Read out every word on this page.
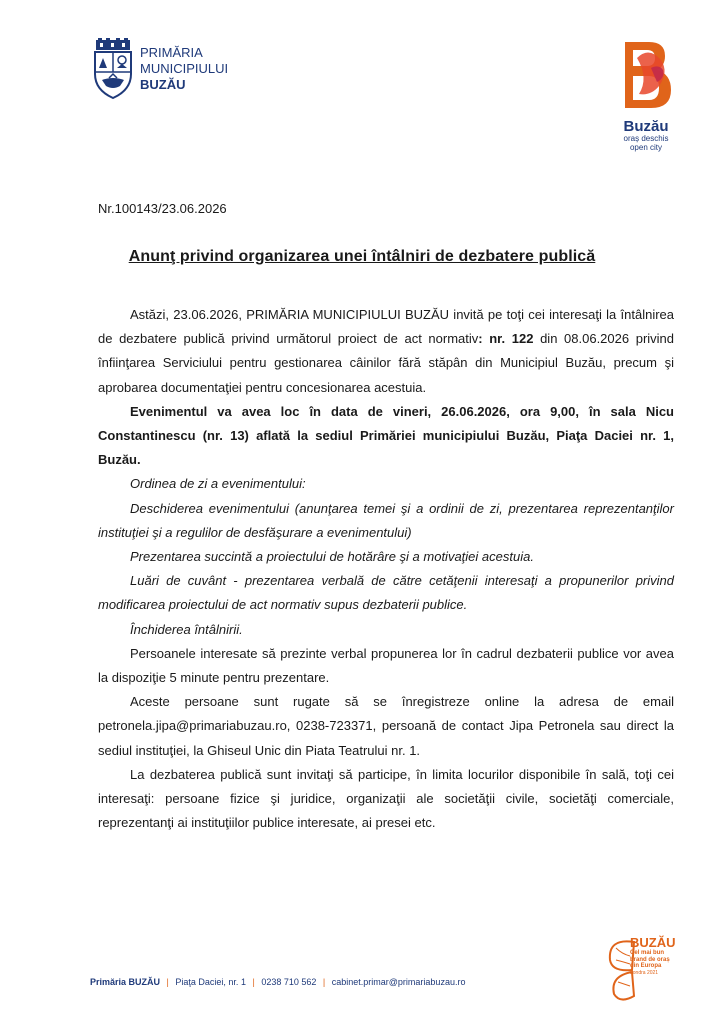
PRIMĂRIA
MUNICIPIULUI
BUZĂU
Buzău
oraș deschis
open city
Nr.100143/23.06.2026
Anunţ privind organizarea unei întâlniri de dezbatere publică

Astăzi, 23.06.2026, PRIMĂRIA MUNICIPIULUI BUZĂU invită pe toţi cei interesaţi la întâlnirea de dezbatere publică privind următorul proiect de act normativ: nr. 122 din 08.06.2026 privind înfiinţarea Serviciului pentru gestionarea câinilor fără stăpân din Municipiul Buzău, precum şi aprobarea documentaţiei pentru concesionarea acestuia.

Evenimentul va avea loc în data de vineri, 26.06.2026, ora 9,00, în sala Nicu Constantinescu (nr. 13) aflată la sediul Primăriei municipiului Buzău, Piaţa Daciei nr. 1, Buzău.

Ordinea de zi a evenimentului:

Deschiderea evenimentului (anunţarea temei şi a ordinii de zi, prezentarea reprezentanţilor instituţiei şi a regulilor de desfăşurare a evenimentului)

Prezentarea succintă a proiectului de hotărâre şi a motivaţiei acestuia.

Luări de cuvânt - prezentarea verbală de către cetăţenii interesaţi a propunerilor privind modificarea proiectului de act normativ supus dezbaterii publice.

Închiderea întâlnirii.

Persoanele interesate să prezinte verbal propunerea lor în cadrul dezbaterii publice vor avea la dispoziţie 5 minute pentru prezentare.

Aceste persoane sunt rugate să se înregistreze online la adresa de email petronela.jipa@primariabuzau.ro, 0238-723371, persoană de contact Jipa Petronela sau direct la sediul instituţiei, la Ghiseul Unic din Piata Teatrului nr. 1.

La dezbaterea publică sunt invitaţi să participe, în limita locurilor disponibile în sală, toţi cei interesaţi: persoane fizice şi juridice, organizaţii ale societăţii civile, societăţi comerciale, reprezentanţi ai instituţiilor publice interesate, ai presei etc.

Primăria BUZĂU | Piaţa Daciei, nr. 1 | 0238 710 562 | cabinet.primar@primariabuzau.ro
BUZĂU
Cel mai bun
brand de oraș
din Europa
Londra 2021
